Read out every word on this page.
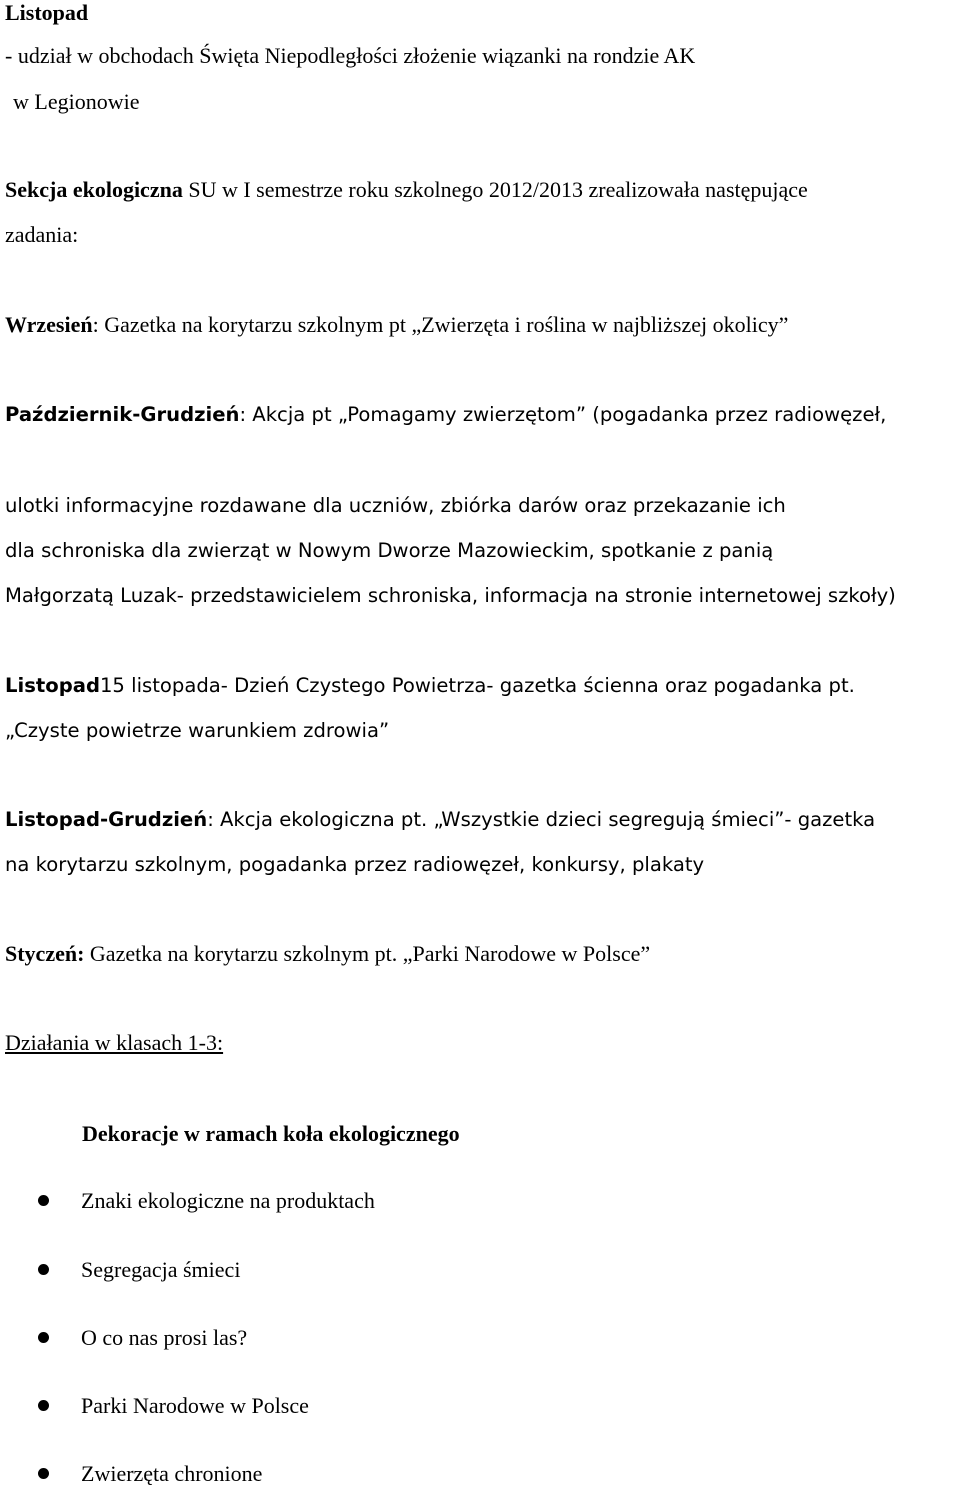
Listopad
- udział w obchodach Święta Niepodległości złożenie wiązanki na rondzie AK
w Legionowie
Sekcja ekologiczna SU w I semestrze roku szkolnego 2012/2013 zrealizowała następujące
zadania:
Wrzesień: Gazetka na korytarzu szkolnym pt „Zwierzęta i roślina w najbliższej okolicy”
Październik-Grudzień: Akcja pt „Pomagamy zwierzętom” (pogadanka przez radiowęzeł,
ulotki informacyjne rozdawane dla uczniów, zbiórka darów oraz przekazanie ich
dla schroniska dla zwierząt w Nowym Dworze Mazowieckim, spotkanie z panią
Małgorzatą Luzak- przedstawicielem schroniska, informacja na stronie internetowej szkoły)
Listopad15 listopada- Dzień Czystego Powietrza- gazetka ścienna oraz pogadanka pt.
„Czyste powietrze warunkiem zdrowia”
Listopad-Grudzień: Akcja ekologiczna pt. „Wszystkie dzieci segregują śmieci”- gazetka
na korytarzu szkolnym, pogadanka przez radiowęzeł, konkursy, plakaty
Styczeń: Gazetka na korytarzu szkolnym pt. „Parki Narodowe w Polsce”
Działania w klasach 1-3:
Dekoracje w ramach koła ekologicznego
Znaki ekologiczne na produktach
Segregacja śmieci
O co nas prosi las?
Parki Narodowe w Polsce
Zwierzęta chronione
